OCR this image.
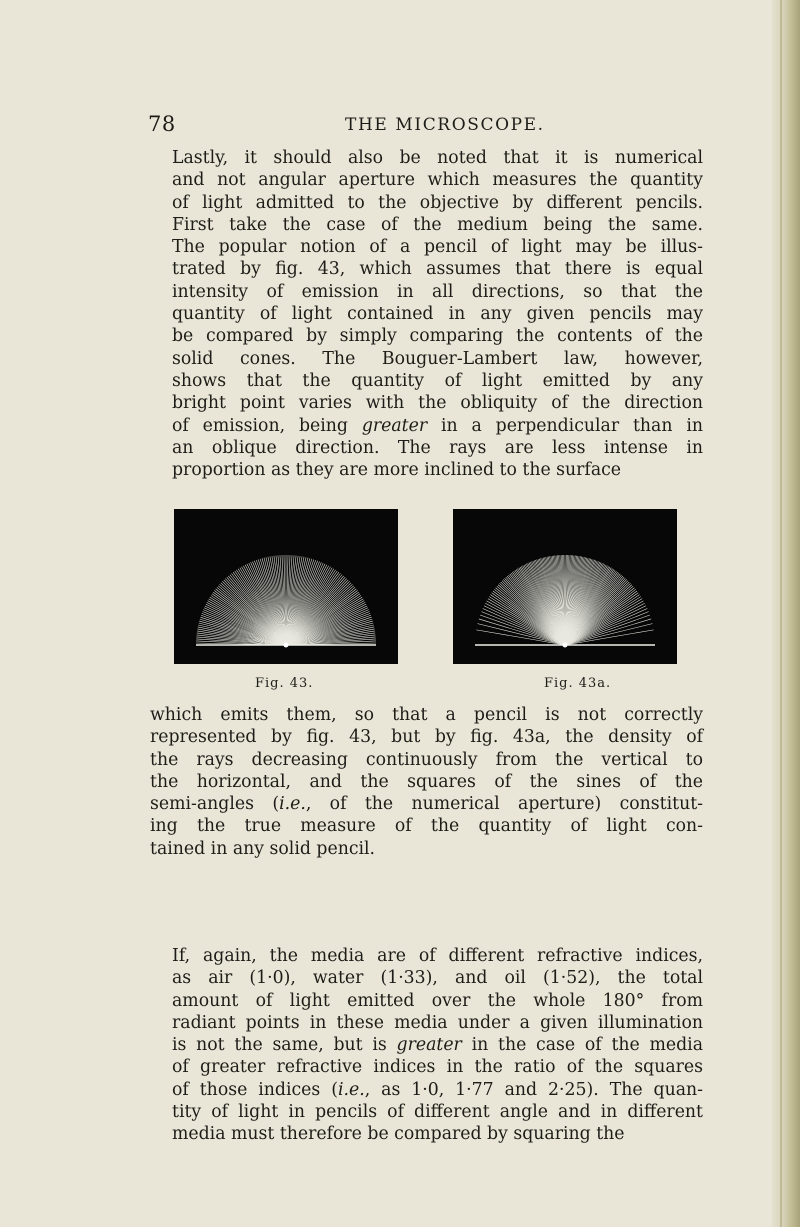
78	THE MICROSCOPE.
Lastly, it should also be noted that it is numerical
and not angular aperture which measures the quantity
of light admitted to the objective by different pencils.
First take the case of the medium being the same.
The popular notion of a pencil of light may be illus-
trated by fig. 43, which assumes that there is equal
intensity of emission in all directions, so that the
quantity of light contained in any given pencils may
be compared by simply comparing the contents of the
solid cones. The Bouguer-Lambert law, however,
shows that the quantity of light emitted by any
bright point varies with the obliquity of the direction
of emission, being greater in a perpendicular than in
an oblique direction. The rays are less intense in
proportion as they are more inclined to the surface
Fig. 43.	Fig. 43a.
which emits them, so that a pencil is not correctly
represented by fig. 43, but by fig. 43a, the density of
the rays decreasing continuously from the vertical to
the horizontal, and the squares of the sines of the
semi-angles (i.e., of the numerical aperture) constitut-
ing the true measure of the quantity of light con-
tained in any solid pencil.
If, again, the media are of different refractive indices,
as air (1·0), water (1·33), and oil (1·52), the total
amount of light emitted over the whole 180° from
radiant points in these media under a given illumination
is not the same, but is greater in the case of the media
of greater refractive indices in the ratio of the squares
of those indices (i.e., as 1·0, 1·77 and 2·25). The quan-
tity of light in pencils of different angle and in different
media must therefore be compared by squaring the
